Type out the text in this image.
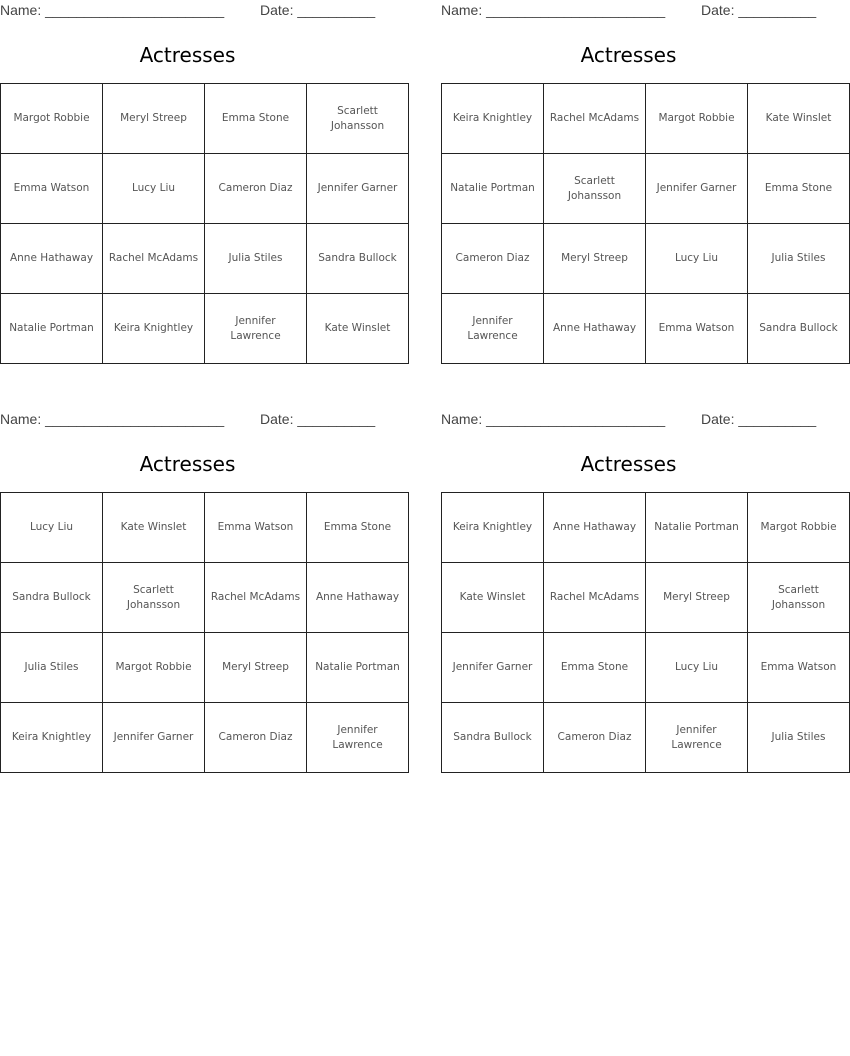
Name: _______________________	Date: __________
Actresses
Margot Robbie	Meryl Streep	Emma Stone	Scarlett Johansson
Emma Watson	Lucy Liu	Cameron Diaz	Jennifer Garner
Anne Hathaway	Rachel McAdams	Julia Stiles	Sandra Bullock
Natalie Portman	Keira Knightley	Jennifer Lawrence	Kate Winslet
Name: _______________________	Date: __________
Actresses
Keira Knightley	Rachel McAdams	Margot Robbie	Kate Winslet
Natalie Portman	Scarlett Johansson	Jennifer Garner	Emma Stone
Cameron Diaz	Meryl Streep	Lucy Liu	Julia Stiles
Jennifer Lawrence	Anne Hathaway	Emma Watson	Sandra Bullock
Name: _______________________	Date: __________
Actresses
Lucy Liu	Kate Winslet	Emma Watson	Emma Stone
Sandra Bullock	Scarlett Johansson	Rachel McAdams	Anne Hathaway
Julia Stiles	Margot Robbie	Meryl Streep	Natalie Portman
Keira Knightley	Jennifer Garner	Cameron Diaz	Jennifer Lawrence
Name: _______________________	Date: __________
Actresses
Keira Knightley	Anne Hathaway	Natalie Portman	Margot Robbie
Kate Winslet	Rachel McAdams	Meryl Streep	Scarlett Johansson
Jennifer Garner	Emma Stone	Lucy Liu	Emma Watson
Sandra Bullock	Cameron Diaz	Jennifer Lawrence	Julia Stiles
